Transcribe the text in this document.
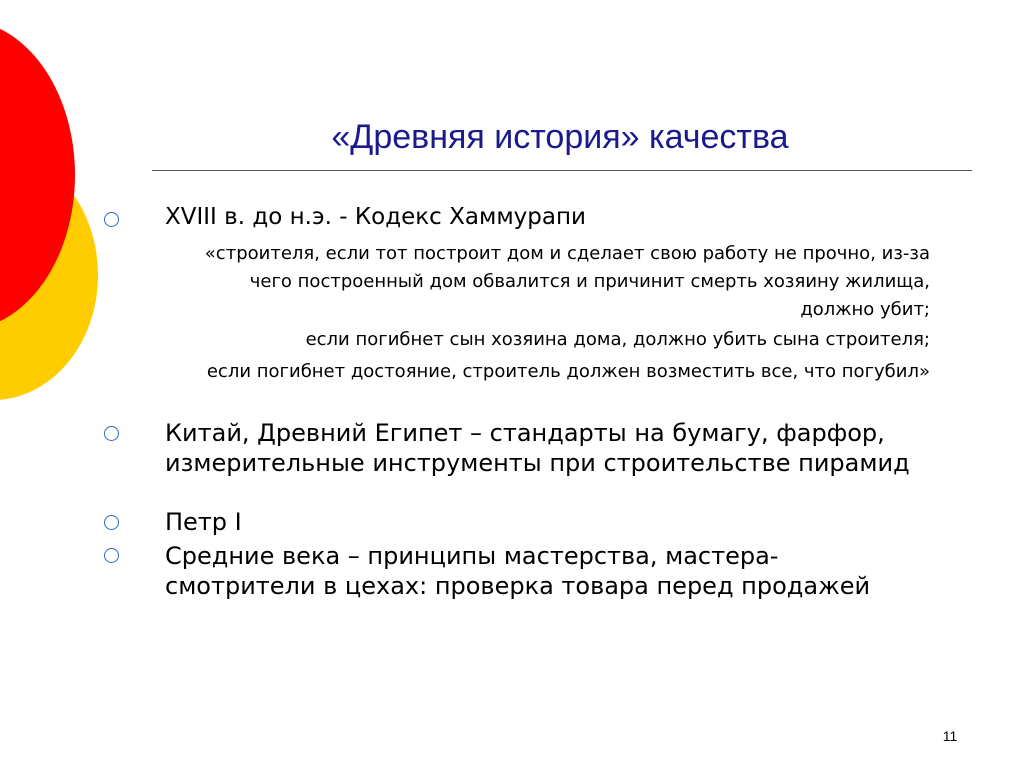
«Древняя история» качества
XVIII в. до н.э. - Кодекс Хаммурапи
«строителя, если тот построит дом и сделает свою работу не прочно, из-за чего построенный дом обвалится и причинит смерть хозяину жилища, должно убит;
если погибнет сын хозяина дома, должно убить сына строителя;
если погибнет достояние, строитель должен возместить все, что погубил»
Китай, Древний Египет – стандарты на бумагу, фарфор, измерительные инструменты при строительстве пирамид
Петр I
Средние века – принципы мастерства, мастера-смотрители в цехах: проверка товара перед продажей
11
